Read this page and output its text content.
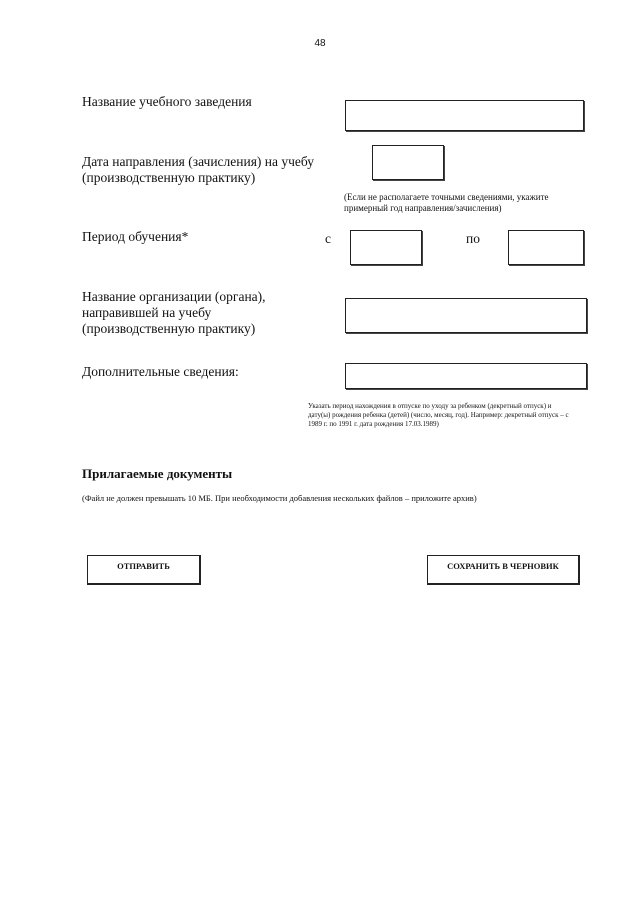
48
Название учебного заведения
Дата направления (зачисления) на учебу
(производственную практику)
(Если не располагаете точными сведениями, укажите
примерный год направления/зачисления)
Период обучения*	с	по
Название организации (органа),
направившей на учебу
(производственную практику)
Дополнительные сведения:
Указать период нахождения в отпуске по уходу за ребенком (декретный отпуск) и
дату(ы) рождения ребенка (детей) (число, месяц, год). Например: декретный отпуск – с
1989 г. по 1991 г. дата рождения 17.03.1989)
Прилагаемые документы
(Файл не должен превышать 10 МБ. При необходимости добавления нескольких файлов – приложите архив)
ОТПРАВИТЬ	СОХРАНИТЬ В ЧЕРНОВИК
